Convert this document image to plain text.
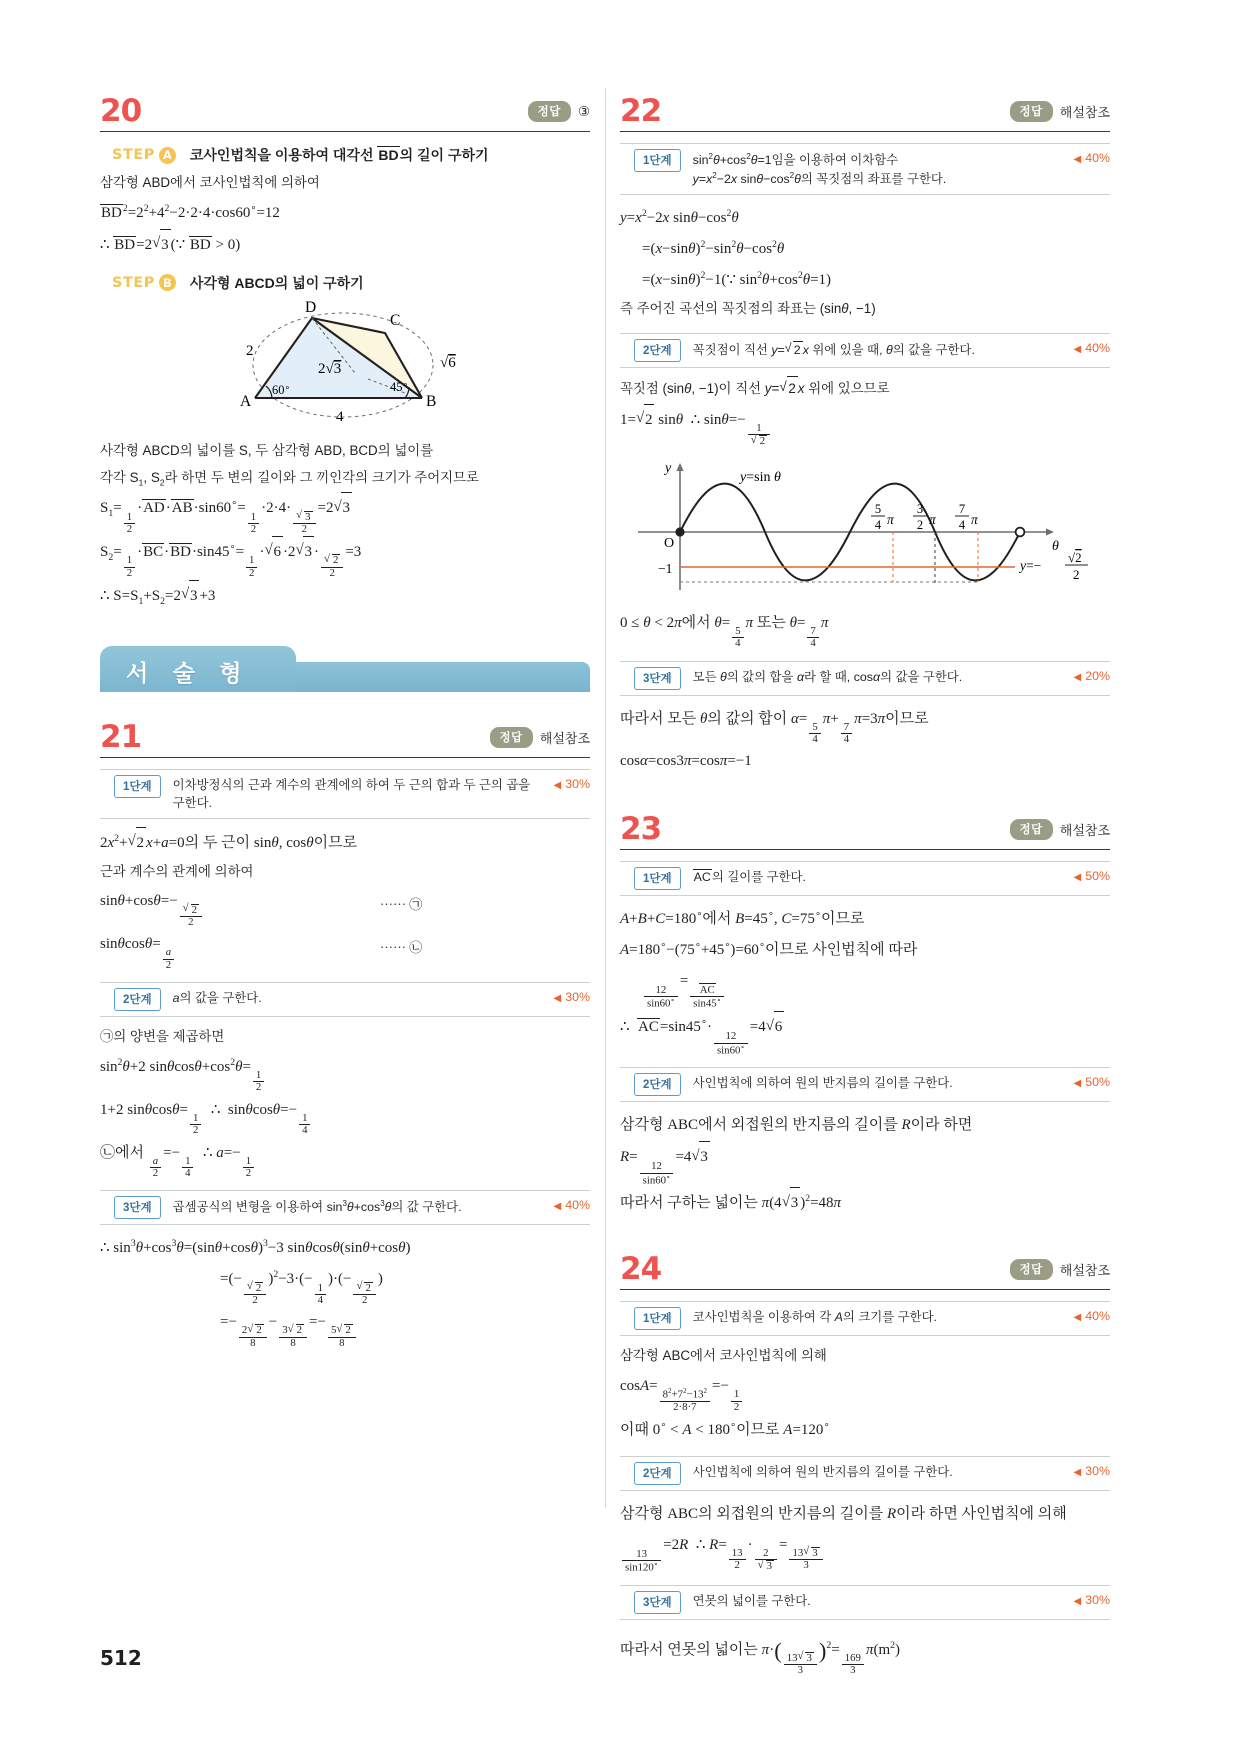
20	정답	③
STEP A 코사인법칙을 이용하여 대각선 BD의 길이 구하기
삼각형 ABD에서 코사인법칙에 의하여
$BD^2=2^2+4^2-2\cdot 2\cdot 4\cdot\cos 60^\circ=12$
∴ BD=2 √ 3 (∵ BD > 0)
STEP B 사각형 ABCD의 넓이 구하기
D
C
A	B
2
4
√6
2√3
60∘	45∘
사각형 ABCD의 넓이를 S, 두 삼각형 ABD, BCD의 넓이를
각각 $S_1$, $S_2$라 하면 두 변의 길이와 그 끼인각의 크기가 주어지므로
$S_1=$
$\frac{1}{2}$
·AD·AB·sin60∘=
$\frac{1}{2}$
·2·4·
√ $\frac{3}{2}$
=2 √ 3
$S_2=$
$\frac{1}{2}$
·BC·BD·sin45∘=
$\frac{1}{2}$
· √ 6 ·2 √ 3 ·
√ $\frac{2}{2}$
=3
∴ $S=S_1+S_2=2$ √ 3 +3
서 술 형
21	정답	해설참조
1단계	이차방정식의 근과 계수의 관계에의 하여 두 근의 합과 두 근의 곱을 구한다.
◀ 30%
$2x^2+$ √ 2 x+a=0의 두 근이 sinθ, cosθ이므로
근과 계수의 관계에 의하여
sinθ+cosθ=−
√ $\frac{2}{2}$	⋯⋯ ㉠
sinθcosθ=
$\frac{a}{2}$	⋯⋯ ㉡
2단계	a의 값을 구한다.	◀ 30%
㉠의 양변을 제곱하면
$\sin^2\theta+2$ $\sin\theta\cos\theta+\cos^2\theta=$
$\frac{1}{2}$
1+2 sinθcosθ=
$\frac{1}{2}$
∴  sinθcosθ=−
$\frac{1}{4}$
㉡에서
$\frac{a}{2}$
=−
$\frac{1}{4}$
∴ a=−
$\frac{1}{2}$
3단계	곱셈공식의 변형을 이용하여 $\sin^3\theta+\cos^3\theta$의 값 구한다.	◀ 40%
∴ $\sin^3\theta+\cos^3\theta=(\sin\theta+\cos\theta)^3-3$ sinθcosθ(sinθ+cosθ)
=(−
√ $\frac{2}{2}$
)$^2$−3·(−
$\frac{1}{4}$
)·(−
√ $\frac{2}{2}$
)
=−
$\frac{2 √ 2}{8}$
−
$\frac{3 √ 2}{8}$
=−
$\frac{5 √ 2}{8}$
22	정답	해설참조
1단계	$\sin^2\theta+\cos^2\theta=1$임을 이용하여 이차함수
$y=x^2-2x$ $\sin\theta-\cos^2\theta$의 꼭짓점의 좌표를 구한다.
◀ 40%
$y=x^2-2x$ $\sin\theta-\cos^2\theta$
$=(x-\sin\theta)^2-\sin^2\theta-\cos^2\theta$
$=(x-\sin\theta)^2-1(\because$ $\sin^2\theta+\cos^2\theta=1$)
즉 주어진 곡선의 꼭짓점의 좌표는 (sinθ, −1)
2단계	꼭짓점이 직선 y= √ 2 x 위에 있을 때, θ의 값을 구한다.	◀ 40%
꼭짓점 (sinθ, −1)이 직선 y= √ 2 x 위에 있으므로
1= √ 2 sinθ  ∴ sinθ=−
1
√ 2
y
θ
O
−1
y=sin θ
5
4 π
3
2 π
7
4 π
y=−
√2
2
0 ≤ θ < 2π에서 θ=
$\frac{5}{4}$
π 또는 θ=
$\frac{7}{4}$
π
3단계	모든 θ의 값의 합을 α라 할 때, cosα의 값을 구한다.	◀ 20%
따라서 모든 θ의 값의 합이 α=
$\frac{5}{4}$
π+
$\frac{7}{4}$
π=3π이므로
cosα=cos3π=cosπ=−1
23	정답	해설참조
1단계	AC의 길이를 구한다.	◀ 50%
A+B+C=180∘에서 B=45∘, C=75∘이므로
A=180∘−(75∘+45∘)=60∘이므로 사인법칙에 따라
$\frac{12}{\sin 60^\circ}$
=
$\frac{AC}{\sin 45^\circ}$
∴  AC=sin45∘·
$\frac{12}{\sin 60^\circ}$
=4 √ 6
2단계	사인법칙에 의하여 원의 반지름의 길이를 구한다.	◀ 50%
삼각형 ABC에서 외접원의 반지름의 길이를 R이라 하면
R=
$\frac{12}{\sin 60^\circ}$
=4 √ 3
따라서 구하는 넓이는 π(4 √ 3 )$^2$=48π
24	정답	해설참조
1단계	코사인법칙을 이용하여 각 A의 크기를 구한다.	◀ 40%
삼각형 ABC에서 코사인법칙에 의해
cosA=
$\frac{8^2+7^2-13^2}{2\cdot 8\cdot 7}$
=−
$\frac{1}{2}$
이때 0∘ < A < 180∘이므로 A=120∘
2단계	사인법칙에 의하여 원의 반지름의 길이를 구한다.	◀ 30%
삼각형 ABC의 외접원의 반지름의 길이를 R이라 하면 사인법칙에 의해
$\frac{13}{\sin 120^\circ}$
=2R  ∴ R=
$\frac{13}{2}$
·
2
√ 3
=
$\frac{13 √ 3}{3}$
3단계	연못의 넓이를 구한다.	◀ 30%
따라서 연못의 넓이는 π·(
$\frac{13 √ 3}{3}$
)$^2$=
$\frac{169}{3}$
$\pi(m^2)$
512
